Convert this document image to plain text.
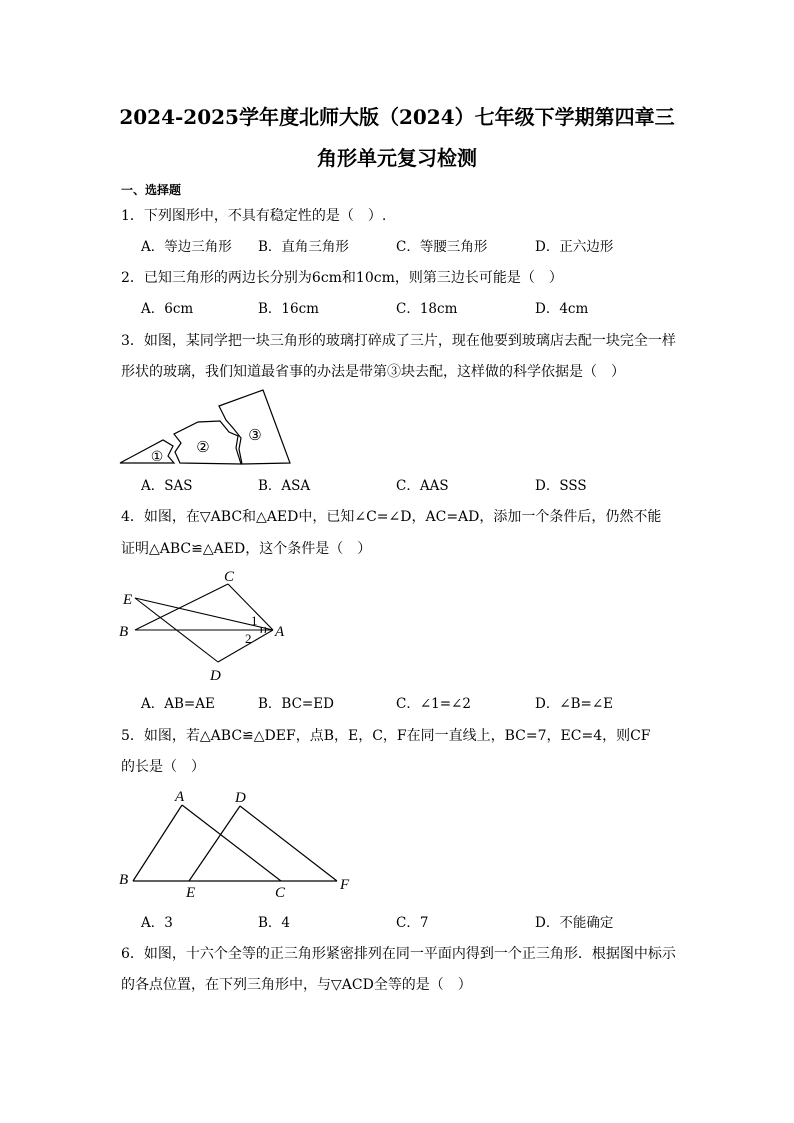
2024-2025学年度北师大版（2024）七年级下学期第四章三
角形单元复习检测
一、选择题
1．下列图形中，不具有稳定性的是（　）.
A．等边三角形 B．直角三角形	C．等腰三角形	D．正六边形
2．已知三角形的两边长分别为6cm和10cm，则第三边长可能是（　）
A．6cm	B．16cm	C．18cm	D．4cm
3．如图，某同学把一块三角形的玻璃打碎成了三片，现在他要到玻璃店去配一块完全一样
形状的玻璃，我们知道最省事的办法是带第③块去配，这样做的科学依据是（　）
①
②
③
A．SAS	B．ASA	C．AAS	D．SSS
4．如图，在▽ABC和△AED中，已知∠C=∠D，AC=AD，添加一个条件后，仍然不能
证明△ABC≌△AED，这个条件是（　）
C
E
B	A
D
1
2
A．AB=AE	B．BC=ED	C．∠1=∠2	D．∠B=∠E
5．如图，若△ABC≌△DEF，点B，E，C，F在同一直线上，BC=7，EC=4，则CF
的长是（　）
A	D
B
E	C	F
A．3	B．4	C．7	D．不能确定
6．如图，十六个全等的正三角形紧密排列在同一平面内得到一个正三角形．根据图中标示
的各点位置，在下列三角形中，与▽ACD全等的是（　）
